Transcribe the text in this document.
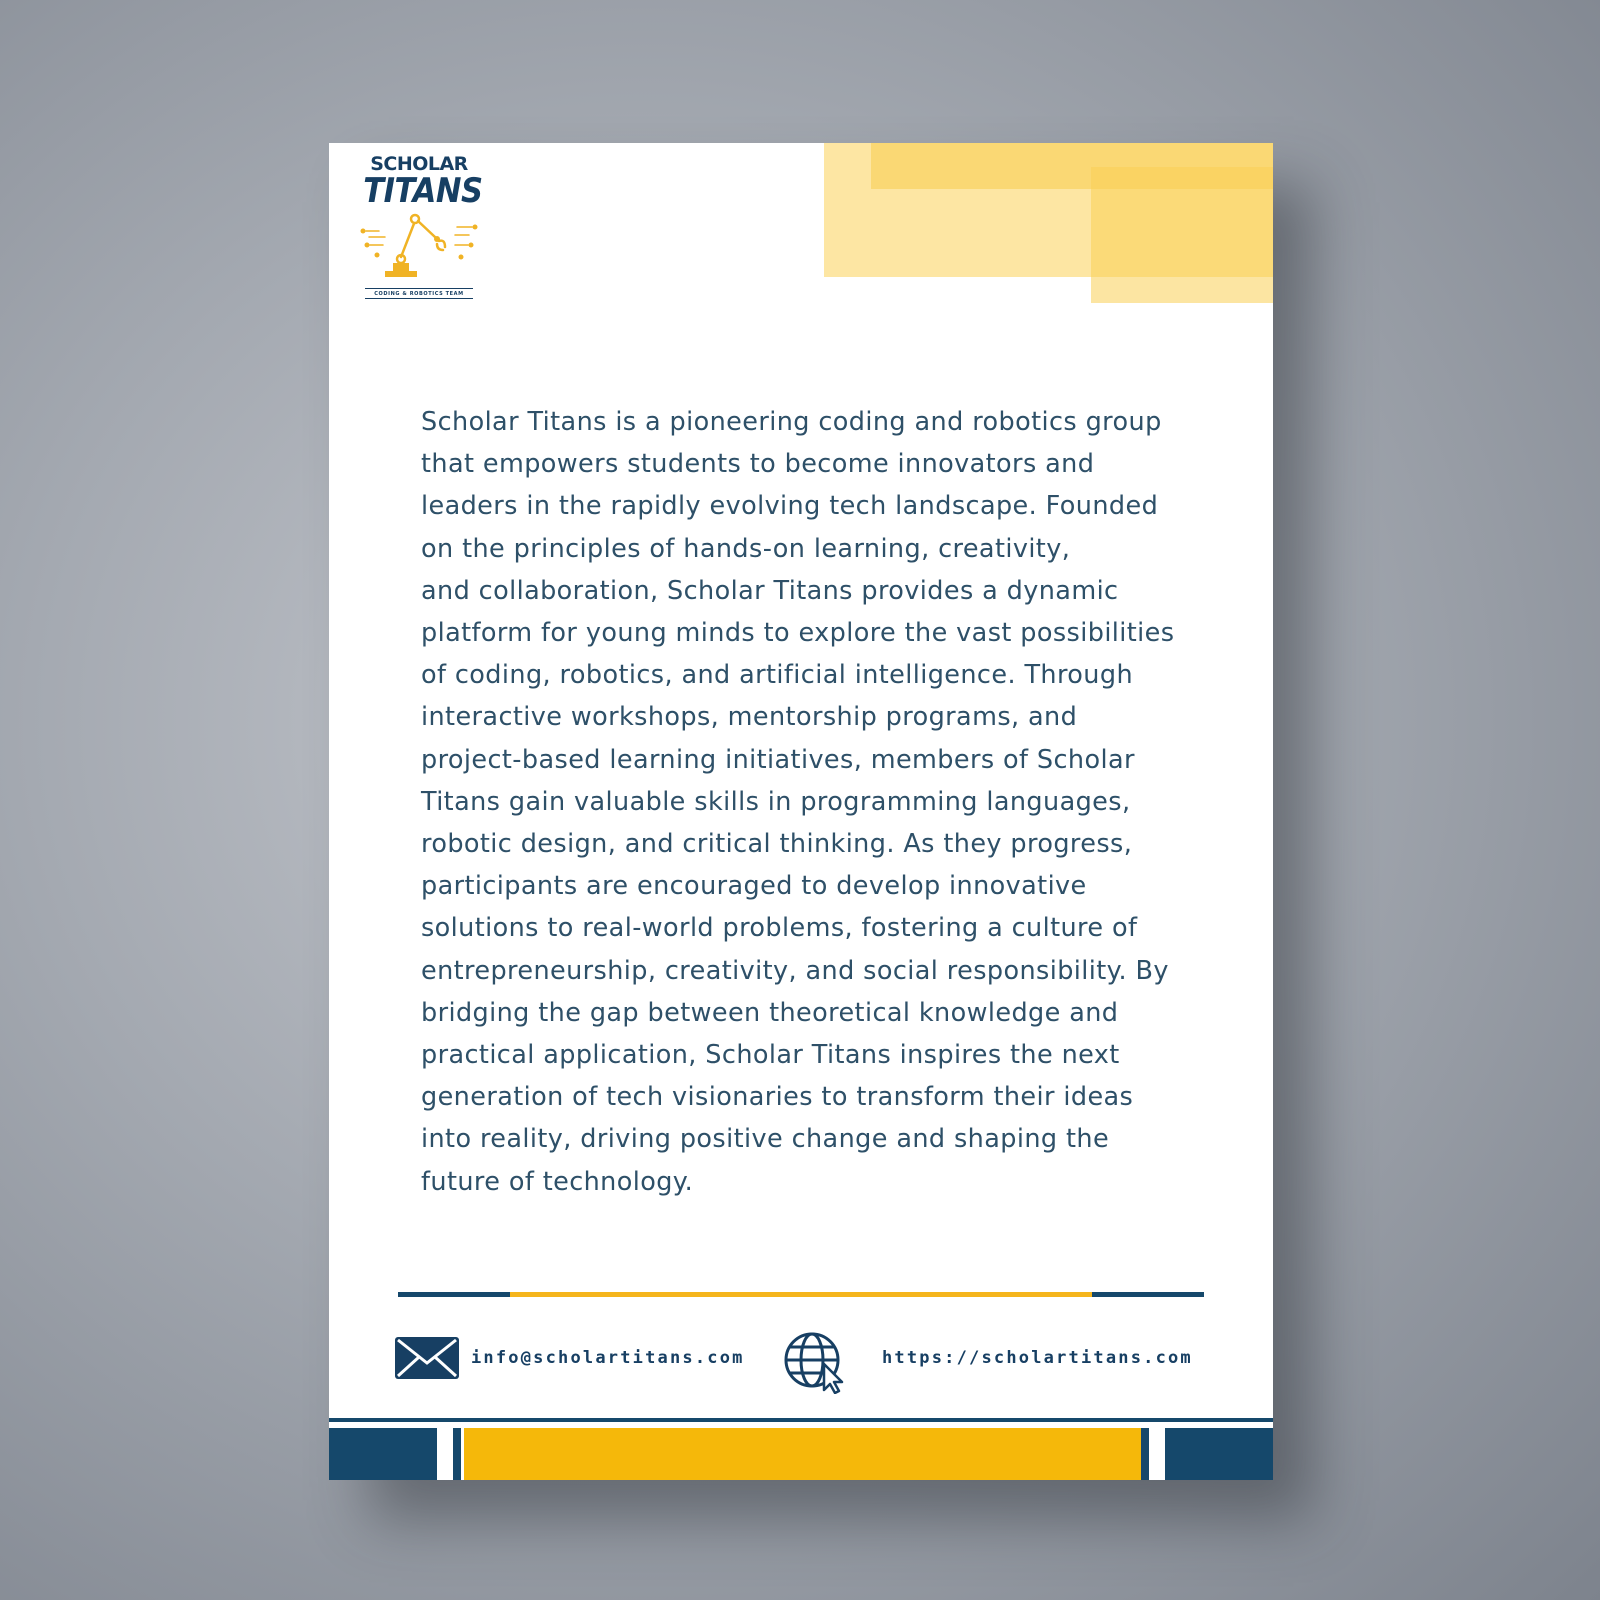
SCHOLAR
TITANS
CODING & ROBOTICS TEAM

Scholar Titans is a pioneering coding and robotics group
that empowers students to become innovators and
leaders in the rapidly evolving tech landscape. Founded
on the principles of hands-on learning, creativity,
and collaboration, Scholar Titans provides a dynamic
platform for young minds to explore the vast possibilities
of coding, robotics, and artificial intelligence. Through
interactive workshops, mentorship programs, and
project-based learning initiatives, members of Scholar
Titans gain valuable skills in programming languages,
robotic design, and critical thinking. As they progress,
participants are encouraged to develop innovative
solutions to real-world problems, fostering a culture of
entrepreneurship, creativity, and social responsibility. By
bridging the gap between theoretical knowledge and
practical application, Scholar Titans inspires the next
generation of tech visionaries to transform their ideas
into reality, driving positive change and shaping the
future of technology.

info@scholartitans.com	https://scholartitans.com
